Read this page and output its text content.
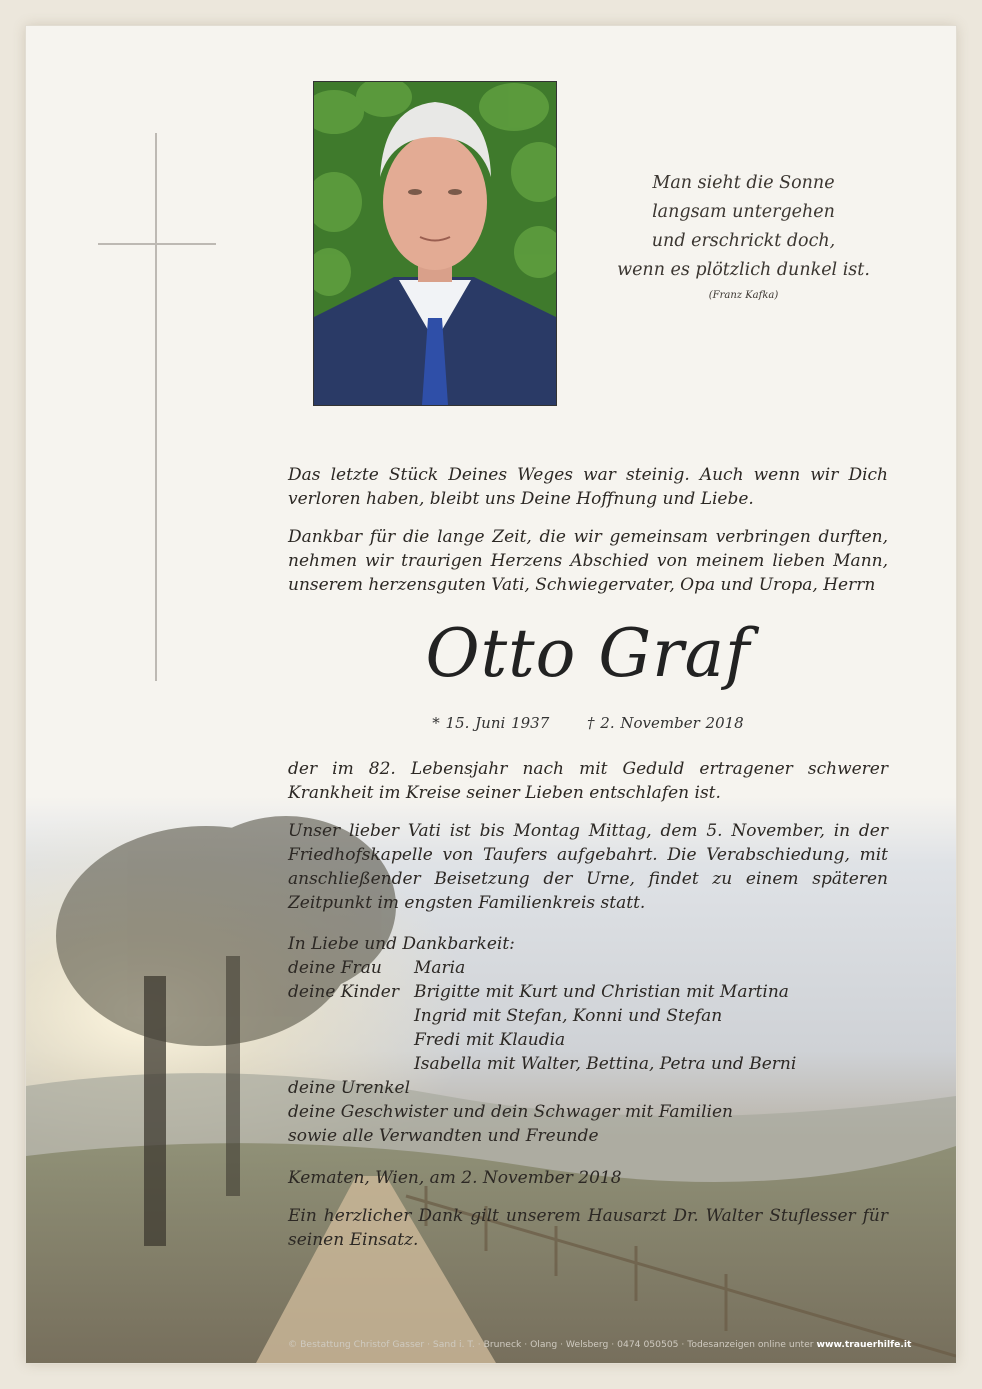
Man sieht die Sonne
langsam untergehen
und erschrickt doch,
wenn es plötzlich dunkel ist.
(Franz Kafka)

Das letzte Stück Deines Weges war steinig. Auch wenn wir Dich verloren haben, bleibt uns Deine Hoffnung und Liebe.

Dankbar für die lange Zeit, die wir gemeinsam verbringen durften, nehmen wir traurigen Herzens Abschied von meinem lieben Mann, unserem herzensguten Vati, Schwiegervater, Opa und Uropa, Herrn

Otto Graf
* 15. Juni 1937	† 2. November 2018

der im 82. Lebensjahr nach mit Geduld ertragener schwerer Krankheit im Kreise seiner Lieben entschlafen ist.

Unser lieber Vati ist bis Montag Mittag, dem 5. November, in der Friedhofskapelle von Taufers aufgebahrt. Die Verabschiedung, mit anschließender Beisetzung der Urne, findet zu einem späteren Zeitpunkt im engsten Familienkreis statt.

In Liebe und Dankbarkeit:
deine Frau	Maria
deine Kinder Brigitte mit Kurt und Christian mit Martina
Ingrid mit Stefan, Konni und Stefan
Fredi mit Klaudia
Isabella mit Walter, Bettina, Petra und Berni
deine Urenkel
deine Geschwister und dein Schwager mit Familien
sowie alle Verwandten und Freunde
Kematen, Wien, am 2. November 2018
Ein herzlicher Dank gilt unserem Hausarzt Dr. Walter Stuflesser für seinen Einsatz.
© Bestattung Christof Gasser · Sand i. T. · Bruneck · Olang · Welsberg · 0474 050505 · Todesanzeigen online unter www.trauerhilfe.it
